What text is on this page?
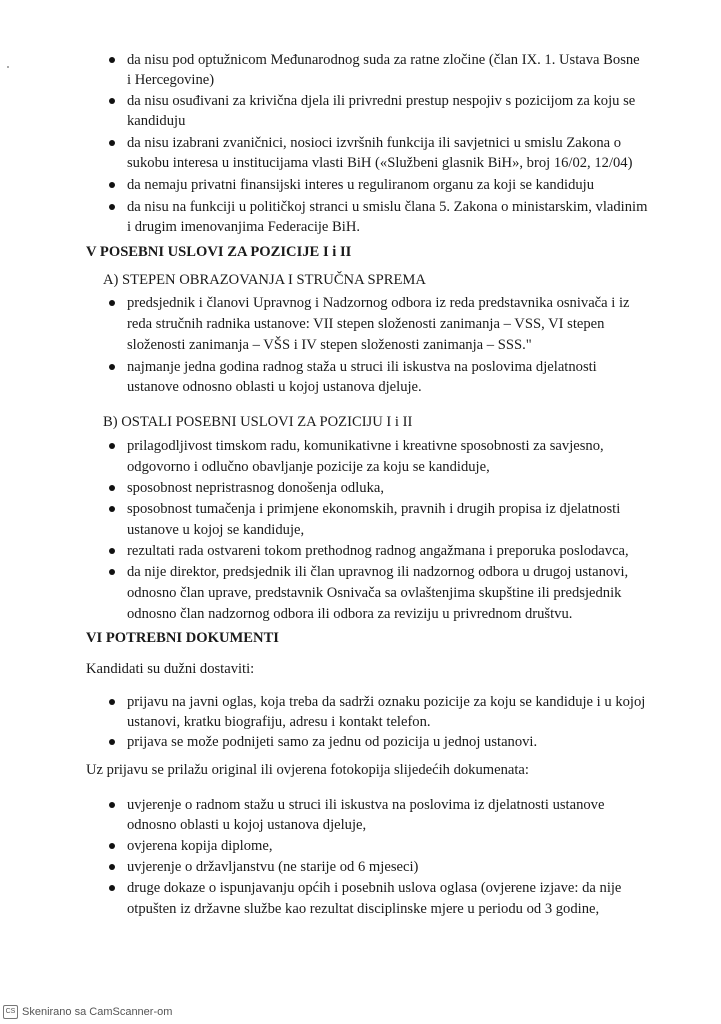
da nisu pod optužnicom Međunarodnog suda za ratne zločine (član IX. 1. Ustava Bosne
i Hercegovine)
da nisu osuđivani za krivična djela ili privredni prestup nespojiv s pozicijom za koju se
kandiduju
da nisu izabrani zvaničnici, nosioci izvršnih funkcija ili savjetnici u smislu Zakona o
sukobu interesa u institucijama vlasti BiH («Službeni glasnik BiH», broj 16/02, 12/04)
da nemaju privatni finansijski interes u reguliranom organu za koji se kandiduju
da nisu na funkciji u političkoj stranci u smislu člana 5. Zakona o ministarskim, vladinim
i drugim imenovanjima Federacije BiH.
V POSEBNI USLOVI ZA POZICIJE I i II
A) STEPEN OBRAZOVANJA I STRUČNA SPREMA
predsjednik i članovi Upravnog i Nadzornog odbora iz reda predstavnika osnivača i iz
reda stručnih radnika ustanove: VII stepen složenosti zanimanja – VSS, VI stepen
složenosti zanimanja – VŠS i IV stepen složenosti zanimanja – SSS."
najmanje jedna godina radnog staža u struci ili iskustva na poslovima djelatnosti
ustanove odnosno oblasti u kojoj ustanova djeluje.
B) OSTALI POSEBNI USLOVI ZA POZICIJU I i II
prilagodljivost timskom radu, komunikativne i kreativne sposobnosti za savjesno,
odgovorno i odlučno obavljanje pozicije za koju se kandiduje,
sposobnost nepristrasnog donošenja odluka,
sposobnost tumačenja i primjene ekonomskih, pravnih i drugih propisa iz djelatnosti
ustanove u kojoj se kandiduje,
rezultati rada ostvareni tokom prethodnog radnog angažmana i preporuka poslodavca,
da nije direktor, predsjednik ili član upravnog ili nadzornog odbora u drugoj ustanovi,
odnosno član uprave, predstavnik Osnivača sa ovlaštenjima skupštine ili predsjednik
odnosno član nadzornog odbora ili odbora za reviziju u privrednom društvu.
VI POTREBNI DOKUMENTI
Kandidati su dužni dostaviti:
prijavu na javni oglas, koja treba da sadrži oznaku pozicije za koju se kandiduje i u kojoj
ustanovi, kratku biografiju, adresu i kontakt telefon.
prijava se može podnijeti samo za jednu od pozicija u jednoj ustanovi.
Uz prijavu se prilažu original ili ovjerena fotokopija slijedećih dokumenata:
uvjerenje o radnom stažu u struci ili iskustva na poslovima iz djelatnosti ustanove
odnosno oblasti u kojoj ustanova djeluje,
ovjerena kopija diplome,
uvjerenje o državljanstvu (ne starije od 6 mjeseci)
druge dokaze o ispunjavanju općih i posebnih uslova oglasa (ovjerene izjave: da nije
otpušten iz državne službe kao rezultat disciplinske mjere u periodu od 3 godine,
CS Skenirano sa CamScanner-om
